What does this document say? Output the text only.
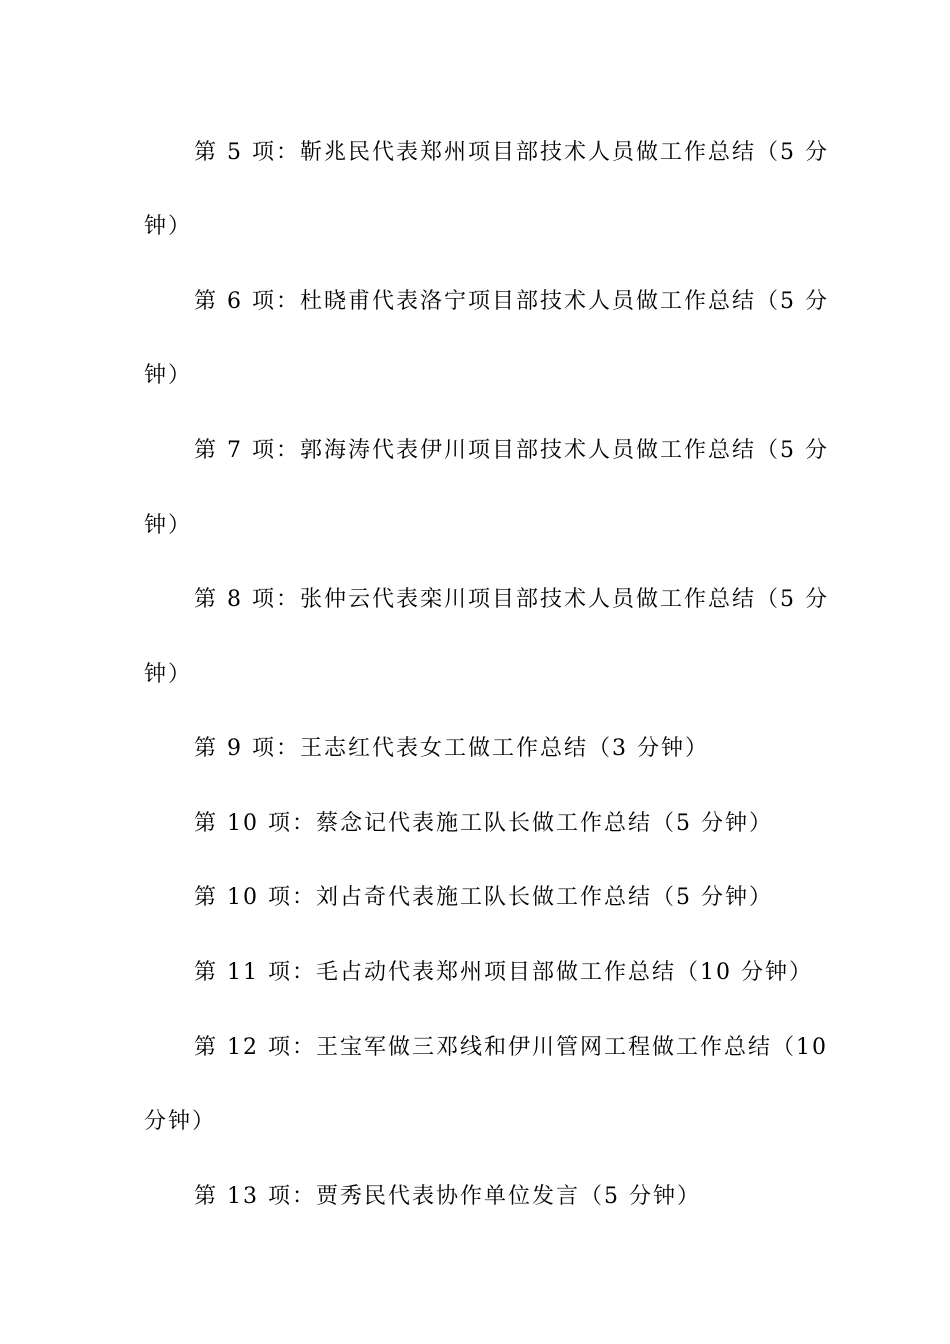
第 5 项：靳兆民代表郑州项目部技术人员做工作总结（5 分
钟）
第 6 项：杜晓甫代表洛宁项目部技术人员做工作总结（5 分
钟）
第 7 项：郭海涛代表伊川项目部技术人员做工作总结（5 分
钟）
第 8 项：张仲云代表栾川项目部技术人员做工作总结（5 分
钟）
第 9 项：王志红代表女工做工作总结（3 分钟）
第 10 项：蔡念记代表施工队长做工作总结（5 分钟）
第 10 项：刘占奇代表施工队长做工作总结（5 分钟）
第 11 项：毛占动代表郑州项目部做工作总结（10 分钟）
第 12 项：王宝军做三邓线和伊川管网工程做工作总结（10
分钟）
第 13 项：贾秀民代表协作单位发言（5 分钟）
